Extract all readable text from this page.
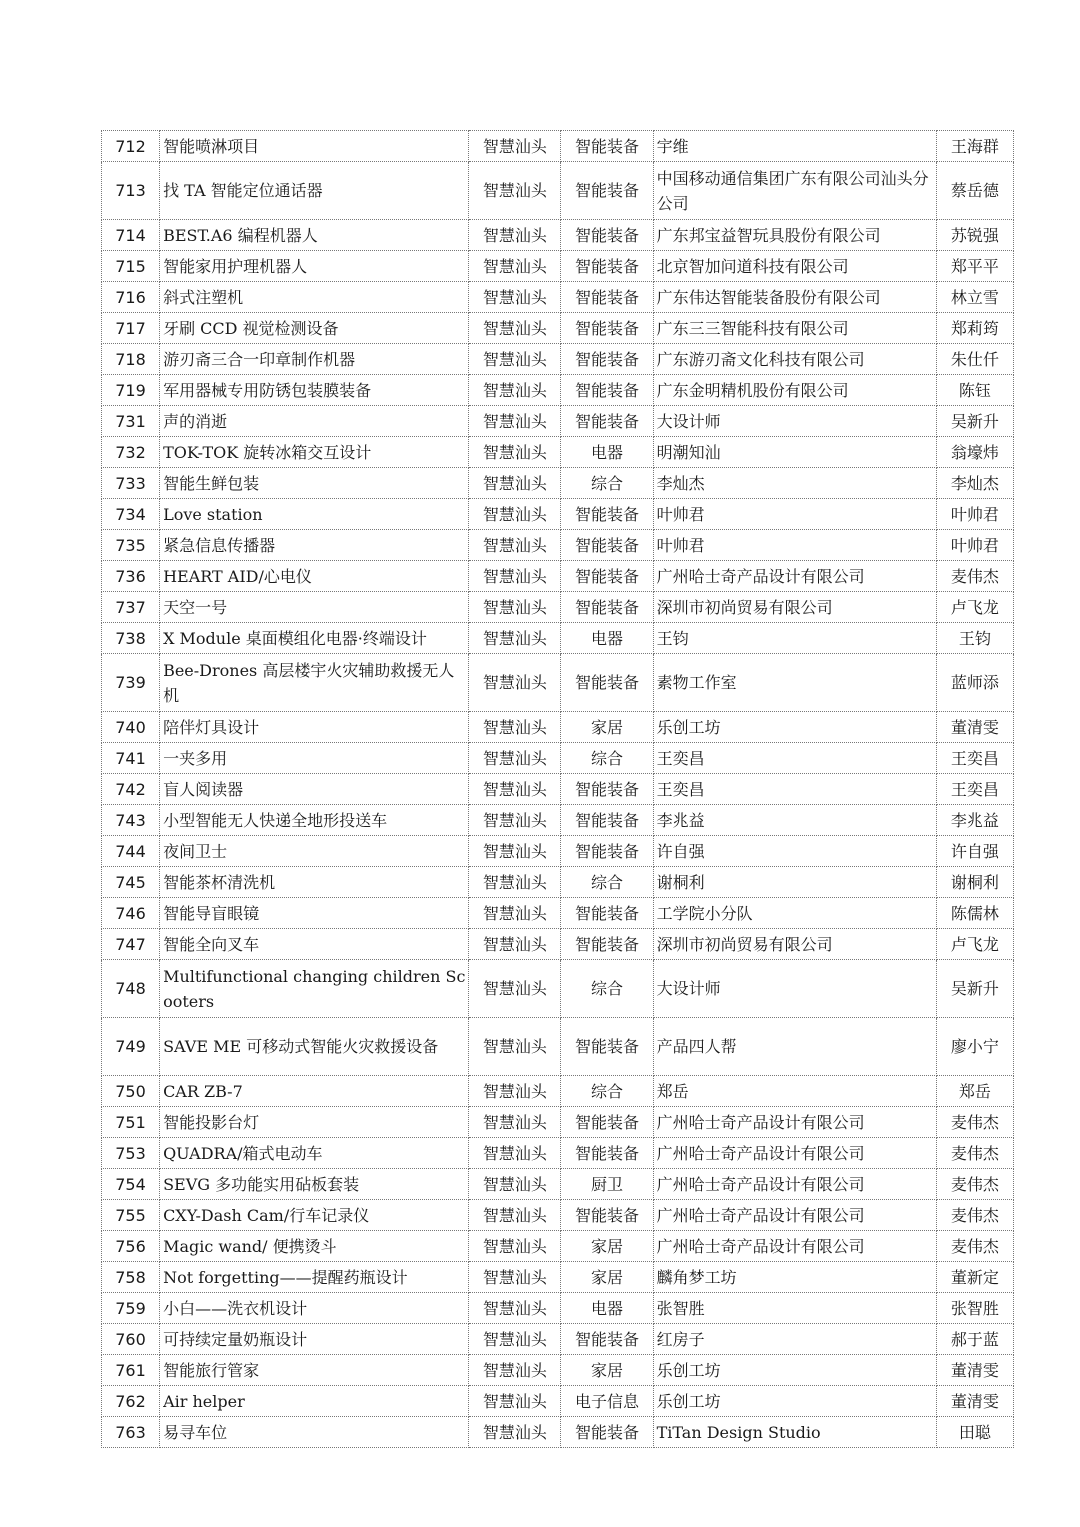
712	智能喷淋项目	智慧汕头	智能装备	宇维	王海群
713	找 TA 智能定位通话器	智慧汕头	智能装备	中国移动通信集团广东有限公司汕头分公司	蔡岳德
714	BEST.A6 编程机器人	智慧汕头	智能装备	广东邦宝益智玩具股份有限公司	苏锐强
715	智能家用护理机器人	智慧汕头	智能装备	北京智加问道科技有限公司	郑平平
716	斜式注塑机	智慧汕头	智能装备	广东伟达智能装备股份有限公司	林立雪
717	牙刷 CCD 视觉检测设备	智慧汕头	智能装备	广东三三智能科技有限公司	郑莉筠
718	游刃斋三合一印章制作机器	智慧汕头	智能装备	广东游刃斋文化科技有限公司	朱仕仟
719	军用器械专用防锈包装膜装备	智慧汕头	智能装备	广东金明精机股份有限公司	陈钰
731	声的消逝	智慧汕头	智能装备	大设计师	吴新升
732	TOK-TOK 旋转冰箱交互设计	智慧汕头	电器	明潮知汕	翁壕炜
733	智能生鲜包装	智慧汕头	综合	李灿杰	李灿杰
734	Love station	智慧汕头	智能装备	叶帅君	叶帅君
735	紧急信息传播器	智慧汕头	智能装备	叶帅君	叶帅君
736	HEART AID/心电仪	智慧汕头	智能装备	广州哈士奇产品设计有限公司	麦伟杰
737	天空一号	智慧汕头	智能装备	深圳市初尚贸易有限公司	卢飞龙
738	X Module 桌面模组化电器·终端设计	智慧汕头	电器	王钧	王钧
739	Bee-Drones 高层楼宇火灾辅助救援无人机	智慧汕头	智能装备	素物工作室	蓝师添
740	陪伴灯具设计	智慧汕头	家居	乐创工坊	董清雯
741	一夹多用	智慧汕头	综合	王奕昌	王奕昌
742	盲人阅读器	智慧汕头	智能装备	王奕昌	王奕昌
743	小型智能无人快递全地形投送车	智慧汕头	智能装备	李兆益	李兆益
744	夜间卫士	智慧汕头	智能装备	许自强	许自强
745	智能茶杯清洗机	智慧汕头	综合	谢桐利	谢桐利
746	智能导盲眼镜	智慧汕头	智能装备	工学院小分队	陈儒林
747	智能全向叉车	智慧汕头	智能装备	深圳市初尚贸易有限公司	卢飞龙
748	Multifunctional changing children Scooters	智慧汕头	综合	大设计师	吴新升
749	SAVE ME 可移动式智能火灾救援设备	智慧汕头	智能装备	产品四人帮	廖小宁
750	CAR ZB-7	智慧汕头	综合	郑岳	郑岳
751	智能投影台灯	智慧汕头	智能装备	广州哈士奇产品设计有限公司	麦伟杰
753	QUADRA/箱式电动车	智慧汕头	智能装备	广州哈士奇产品设计有限公司	麦伟杰
754	SEVG 多功能实用砧板套装	智慧汕头	厨卫	广州哈士奇产品设计有限公司	麦伟杰
755	CXY-Dash Cam/行车记录仪	智慧汕头	智能装备	广州哈士奇产品设计有限公司	麦伟杰
756	Magic wand/ 便携烫斗	智慧汕头	家居	广州哈士奇产品设计有限公司	麦伟杰
758	Not forgetting——提醒药瓶设计	智慧汕头	家居	麟角梦工坊	董新定
759	小白——洗衣机设计	智慧汕头	电器	张智胜	张智胜
760	可持续定量奶瓶设计	智慧汕头	智能装备	红房子	郝于蓝
761	智能旅行管家	智慧汕头	家居	乐创工坊	董清雯
762	Air helper	智慧汕头	电子信息	乐创工坊	董清雯
763	易寻车位	智慧汕头	智能装备	TiTan Design Studio	田聪
